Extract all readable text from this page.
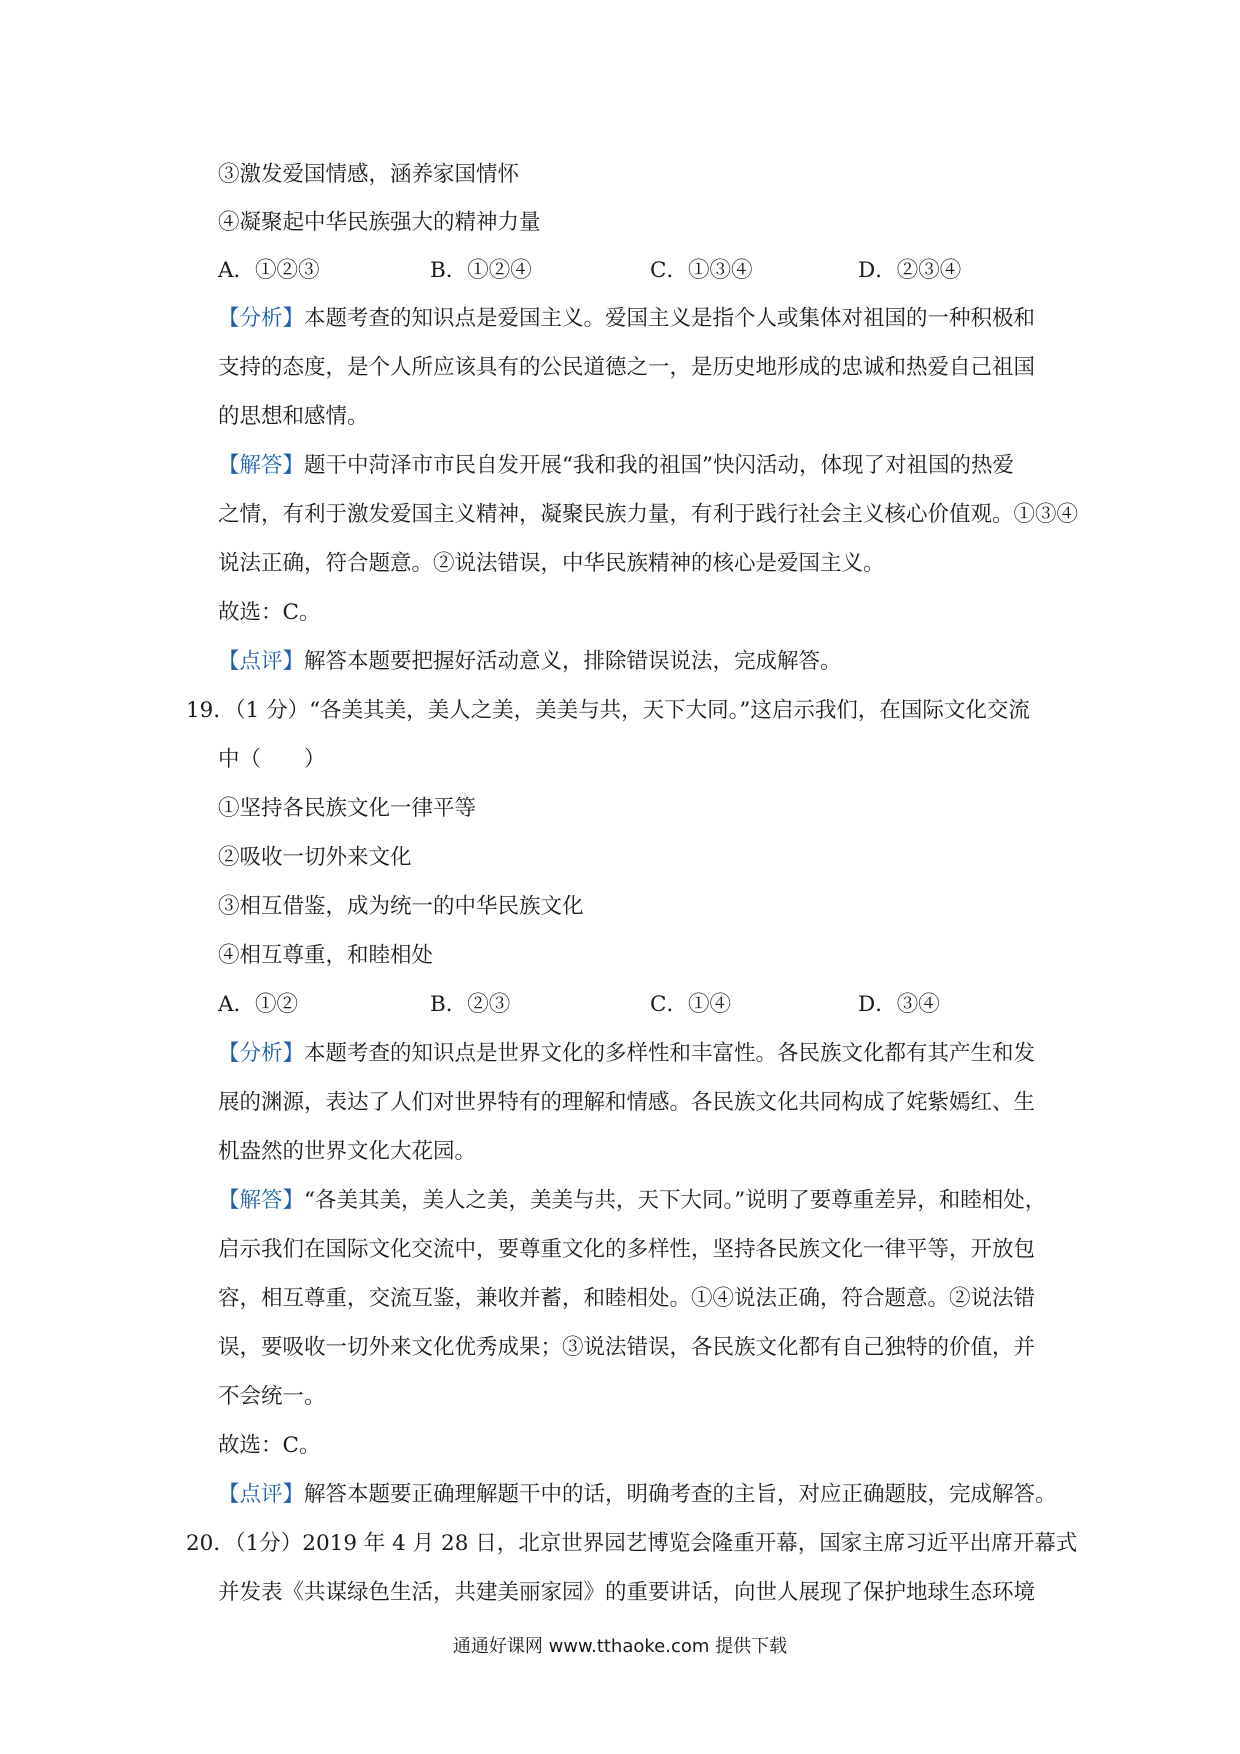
③激发爱国情感，涵养家国情怀
④凝聚起中华民族强大的精神力量
A．①②③	B．①②④	C．①③④	D．②③④
【分析】本题考查的知识点是爱国主义。爱国主义是指个人或集体对祖国的一种积极和
支持的态度，是个人所应该具有的公民道德之一，是历史地形成的忠诚和热爱自己祖国
的思想和感情。
【解答】题干中菏泽市市民自发开展“我和我的祖国”快闪活动，体现了对祖国的热爱
之情，有利于激发爱国主义精神，凝聚民族力量，有利于践行社会主义核心价值观。①③④
说法正确，符合题意。②说法错误，中华民族精神的核心是爱国主义。
故选：C。
【点评】解答本题要把握好活动意义，排除错误说法，完成解答。
19．（1 分）“各美其美，美人之美，美美与共，天下大同。”这启示我们，在国际文化交流
中（　　）
①坚持各民族文化一律平等
②吸收一切外来文化
③相互借鉴，成为统一的中华民族文化
④相互尊重，和睦相处
A．①②	B．②③	C．①④	D．③④
【分析】本题考查的知识点是世界文化的多样性和丰富性。各民族文化都有其产生和发
展的渊源，表达了人们对世界特有的理解和情感。各民族文化共同构成了姹紫嫣红、生
机盎然的世界文化大花园。
【解答】“各美其美，美人之美，美美与共，天下大同。”说明了要尊重差异，和睦相处，
启示我们在国际文化交流中，要尊重文化的多样性，坚持各民族文化一律平等，开放包
容，相互尊重，交流互鉴，兼收并蓄，和睦相处。①④说法正确，符合题意。②说法错
误，要吸收一切外来文化优秀成果；③说法错误，各民族文化都有自己独特的价值，并
不会统一。
故选：C。
【点评】解答本题要正确理解题干中的话，明确考查的主旨，对应正确题肢，完成解答。
20．（1分）2019 年 4 月 28 日，北京世界园艺博览会隆重开幕，国家主席习近平出席开幕式
并发表《共谋绿色生活，共建美丽家园》的重要讲话，向世人展现了保护地球生态环境
通通好课网 www.tthaoke.com 提供下载
